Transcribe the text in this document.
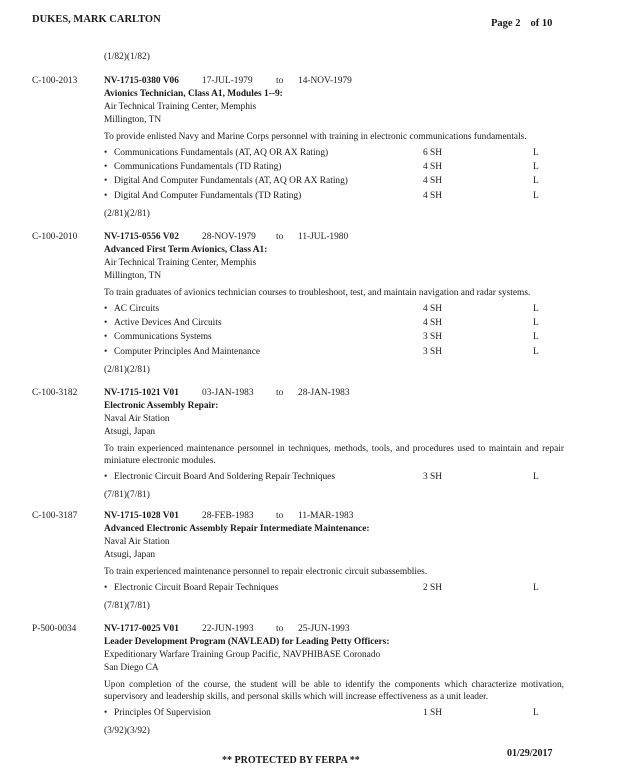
DUKES, MARK CARLTON	Page 2 of 10
(1/82)(1/82)
C-100-2013	NV-1715-0380 V06 17-JUL-1979 to 14-NOV-1979
Avionics Technician, Class A1, Modules 1--9:
Air Technical Training Center, Memphis
Millington, TN
To provide enlisted Navy and Marine Corps personnel with training in electronic communications fundamentals.
• Communications Fundamentals (AT, AQ OR AX Rating)	6 SH	L
• Communications Fundamentals (TD Rating)	4 SH	L
• Digital And Computer Fundamentals (AT, AQ OR AX Rating)	4 SH	L
• Digital And Computer Fundamentals (TD Rating)	4 SH	L
(2/81)(2/81)
C-100-2010	NV-1715-0556 V02 28-NOV-1979 to 11-JUL-1980
Advanced First Term Avionics, Class A1:
Air Technical Training Center, Memphis
Millington, TN
To train graduates of avionics technician courses to troubleshoot, test, and maintain navigation and radar systems.
• AC Circuits	4 SH	L
• Active Devices And Circuits	4 SH	L
• Communications Systems	3 SH	L
• Computer Principles And Maintenance	3 SH	L
(2/81)(2/81)
C-100-3182	NV-1715-1021 V01 03-JAN-1983 to 28-JAN-1983
Electronic Assembly Repair:
Naval Air Station
Atsugi, Japan
To train experienced maintenance personnel in techniques, methods, tools, and procedures used to maintain and repair miniature electronic modules.
• Electronic Circuit Board And Soldering Repair Techniques	3 SH	L
(7/81)(7/81)
C-100-3187	NV-1715-1028 V01 28-FEB-1983 to 11-MAR-1983
Advanced Electronic Assembly Repair Intermediate Maintenance:
Naval Air Station
Atsugi, Japan
To train experienced maintenance personnel to repair electronic circuit subassemblies.
• Electronic Circuit Board Repair Techniques	2 SH	L
(7/81)(7/81)
P-500-0034	NV-1717-0025 V01 22-JUN-1993 to 25-JUN-1993
Leader Development Program (NAVLEAD) for Leading Petty Officers:
Expeditionary Warfare Training Group Pacific, NAVPHIBASE Coronado
San Diego CA
Upon completion of the course, the student will be able to identify the components which characterize motivation, supervisory and leadership skills, and personal skills which will increase effectiveness as a unit leader.
• Principles Of Supervision	1 SH	L
(3/92)(3/92)
01/29/2017
** PROTECTED BY FERPA **
